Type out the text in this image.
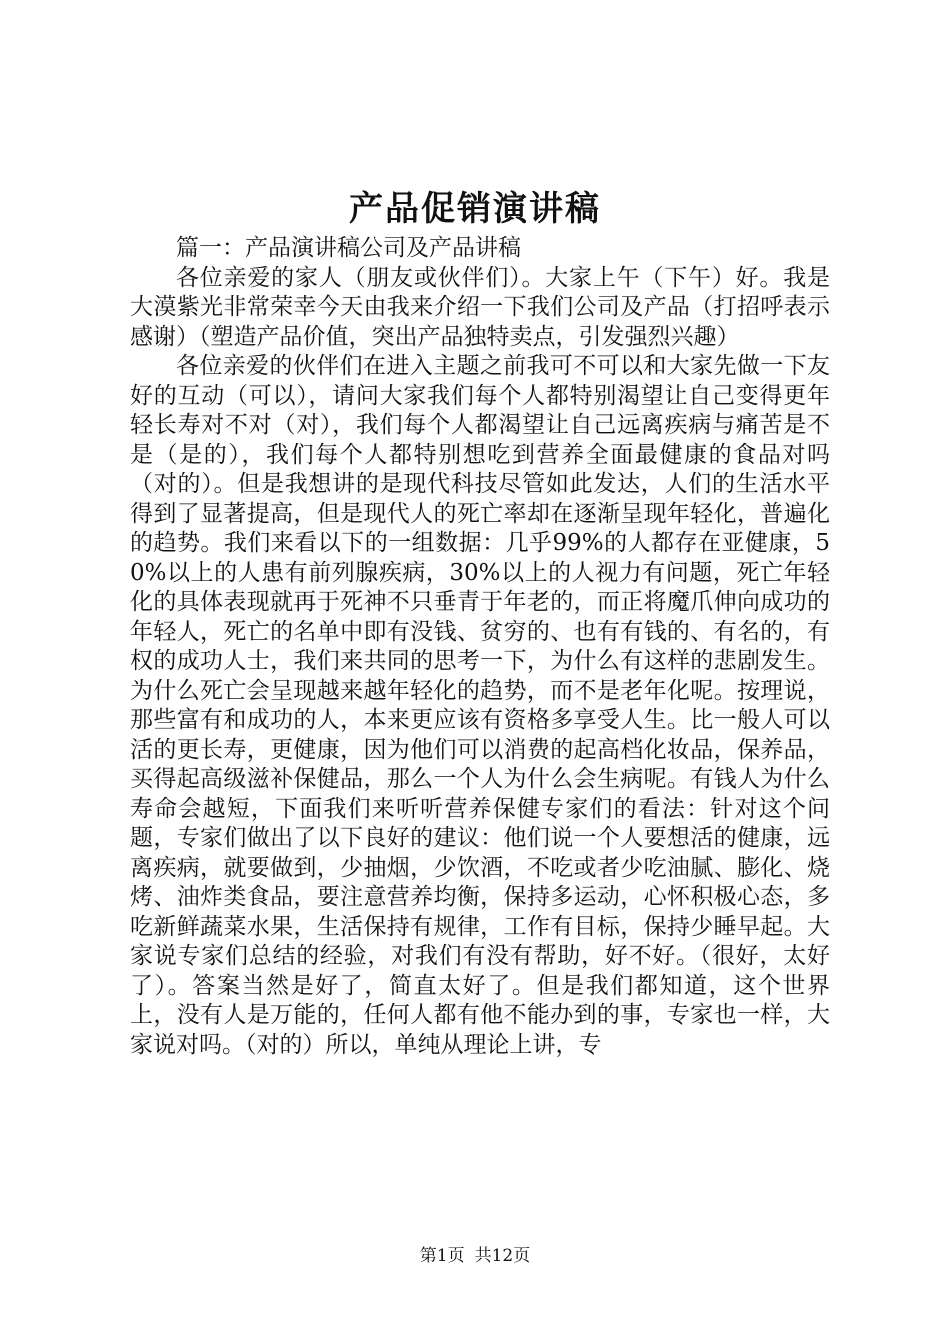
产品促销演讲稿

篇一：产品演讲稿公司及产品讲稿

各位亲爱的家人（朋友或伙伴们）。大家上午（下午）好。我是大漠紫光非常荣幸今天由我来介绍一下我们公司及产品（打招呼表示感谢）（塑造产品价值，突出产品独特卖点，引发强烈兴趣）

各位亲爱的伙伴们在进入主题之前我可不可以和大家先做一下友好的互动（可以），请问大家我们每个人都特别渴望让自己变得更年轻长寿对不对（对），我们每个人都渴望让自己远离疾病与痛苦是不是（是的），我们每个人都特别想吃到营养全面最健康的食品对吗（对的）。但是我想讲的是现代科技尽管如此发达，人们的生活水平得到了显著提高，但是现代人的死亡率却在逐渐呈现年轻化，普遍化的趋势。我们来看以下的一组数据：几乎99%的人都存在亚健康，50%以上的人患有前列腺疾病，30%以上的人视力有问题，死亡年轻化的具体表现就再于死神不只垂青于年老的，而正将魔爪伸向成功的年轻人，死亡的名单中即有没钱、贫穷的、也有有钱的、有名的，有权的成功人士，我们来共同的思考一下，为什么有这样的悲剧发生。为什么死亡会呈现越来越年轻化的趋势，而不是老年化呢。按理说，那些富有和成功的人，本来更应该有资格多享受人生。比一般人可以活的更长寿，更健康，因为他们可以消费的起高档化妆品，保养品，买得起高级滋补保健品，那么一个人为什么会生病呢。有钱人为什么寿命会越短，下面我们来听听营养保健专家们的看法：针对这个问题，专家们做出了以下良好的建议：他们说一个人要想活的健康，远离疾病，就要做到，少抽烟，少饮酒，不吃或者少吃油腻、膨化、烧烤、油炸类食品，要注意营养均衡，保持多运动，心怀积极心态，多吃新鲜蔬菜水果，生活保持有规律，工作有目标，保持少睡早起。大家说专家们总结的经验，对我们有没有帮助，好不好。（很好，太好了）。答案当然是好了，简直太好了。但是我们都知道，这个世界上，没有人是万能的，任何人都有他不能办到的事，专家也一样，大家说对吗。（对的）所以，单纯从理论上讲，专

第1页 共12页
